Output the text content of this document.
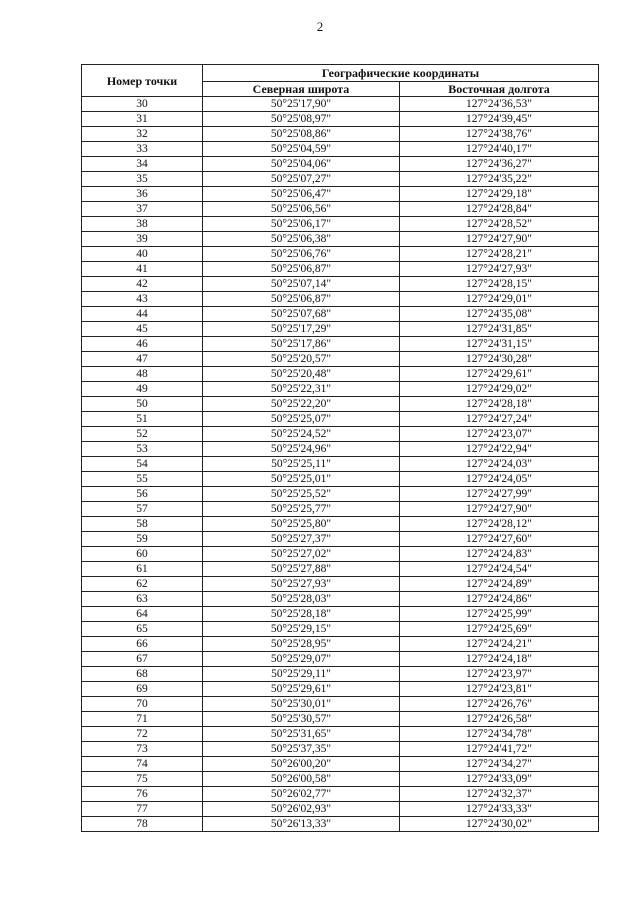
2
Номер точки	Географические координаты	
	Северная широта	Восточная долгота
30	50°25'17,90"	127°24'36,53"
31	50°25'08,97"	127°24'39,45"
32	50°25'08,86"	127°24'38,76"
33	50°25'04,59"	127°24'40,17"
34	50°25'04,06"	127°24'36,27"
35	50°25'07,27"	127°24'35,22"
36	50°25'06,47"	127°24'29,18"
37	50°25'06,56"	127°24'28,84"
38	50°25'06,17"	127°24'28,52"
39	50°25'06,38"	127°24'27,90"
40	50°25'06,76"	127°24'28,21"
41	50°25'06,87"	127°24'27,93"
42	50°25'07,14"	127°24'28,15"
43	50°25'06,87"	127°24'29,01"
44	50°25'07,68"	127°24'35,08"
45	50°25'17,29"	127°24'31,85"
46	50°25'17,86"	127°24'31,15"
47	50°25'20,57"	127°24'30,28"
48	50°25'20,48"	127°24'29,61"
49	50°25'22,31"	127°24'29,02"
50	50°25'22,20"	127°24'28,18"
51	50°25'25,07"	127°24'27,24"
52	50°25'24,52"	127°24'23,07"
53	50°25'24,96"	127°24'22,94"
54	50°25'25,11"	127°24'24,03"
55	50°25'25,01"	127°24'24,05"
56	50°25'25,52"	127°24'27,99"
57	50°25'25,77"	127°24'27,90"
58	50°25'25,80"	127°24'28,12"
59	50°25'27,37"	127°24'27,60"
60	50°25'27,02"	127°24'24,83"
61	50°25'27,88"	127°24'24,54"
62	50°25'27,93"	127°24'24,89"
63	50°25'28,03"	127°24'24,86"
64	50°25'28,18"	127°24'25,99"
65	50°25'29,15"	127°24'25,69"
66	50°25'28,95"	127°24'24,21"
67	50°25'29,07"	127°24'24,18"
68	50°25'29,11"	127°24'23,97"
69	50°25'29,61"	127°24'23,81"
70	50°25'30,01"	127°24'26,76"
71	50°25'30,57"	127°24'26,58"
72	50°25'31,65"	127°24'34,78"
73	50°25'37,35"	127°24'41,72"
74	50°26'00,20"	127°24'34,27"
75	50°26'00,58"	127°24'33,09"
76	50°26'02,77"	127°24'32,37"
77	50°26'02,93"	127°24'33,33"
78	50°26'13,33"	127°24'30,02"
